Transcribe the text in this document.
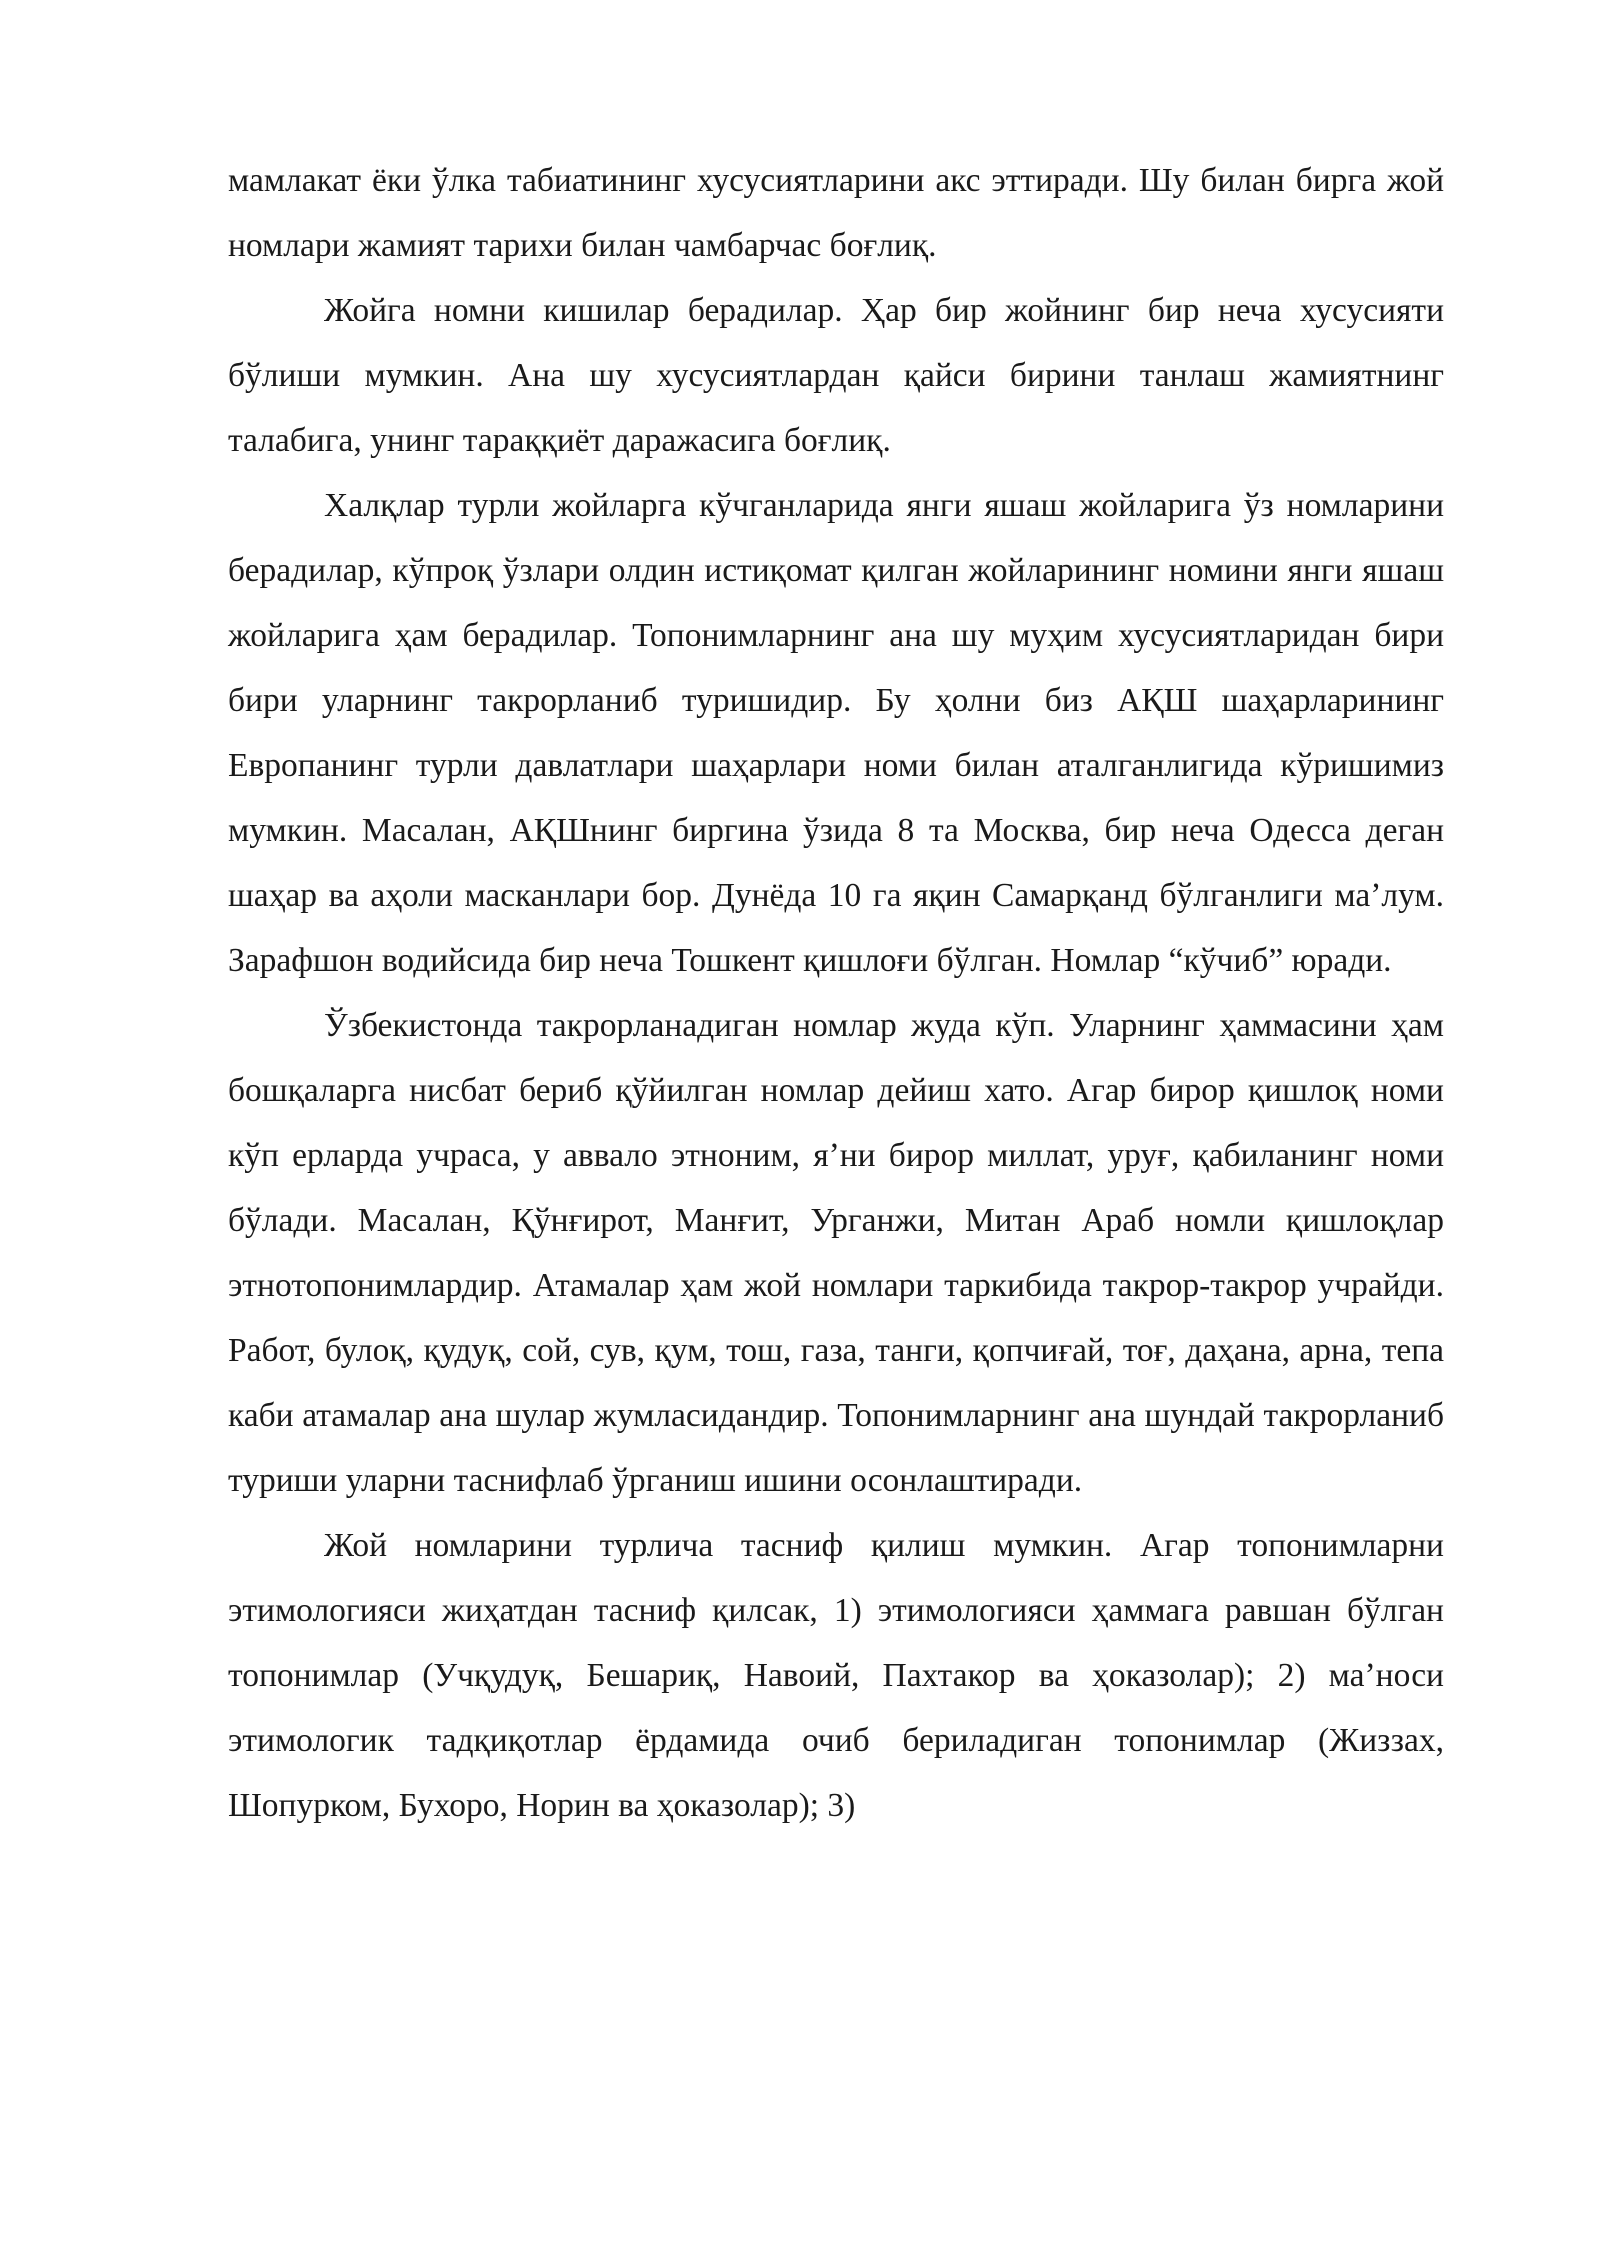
мамлакат ёки ўлка табиатининг хусусиятларини акс эттиради. Шу билан бирга жой номлари жамият тарихи билан чамбарчас боғлиқ.

Жойга номни кишилар берадилар. Ҳар бир жойнинг бир неча хусусияти бўлиши мумкин. Ана шу хусусиятлардан қайси бирини танлаш жамиятнинг талабига, унинг тараққиёт даражасига боғлиқ.

Халқлар турли жойларга кўчганларида янги яшаш жойларига ўз номларини берадилар, кўпроқ ўзлари олдин истиқомат қилган жойларининг номини янги яшаш жойларига ҳам берадилар. Топонимларнинг ана шу муҳим хусусиятларидан бири бири уларнинг такрорланиб туришидир. Бу ҳолни биз АҚШ шаҳарларининг Европанинг турли давлатлари шаҳарлари номи билан аталганлигида кўришимиз мумкин. Масалан, АҚШнинг биргина ўзида 8 та Москва, бир неча Одесса деган шаҳар ва аҳоли масканлари бор. Дунёда 10 га яқин Самарқанд бўлганлиги маʼлум. Зарафшон водийсида бир неча Тошкент қишлоғи бўлган. Номлар “кўчиб” юради.

Ўзбекистонда такрорланадиган номлар жуда кўп. Уларнинг ҳаммасини ҳам бошқаларга нисбат бериб қўйилган номлар дейиш хато. Агар бирор қишлоқ номи кўп ерларда учраса, у аввало этноним, яʼни бирор миллат, уруғ, қабиланинг номи бўлади. Масалан, Қўнғирот, Манғит, Урганжи, Митан Араб номли қишлоқлар этнотопонимлардир. Атамалар ҳам жой номлари таркибида такрор-такрор учрайди. Работ, булоқ, қудуқ, сой, сув, қум, тош, газа, танги, қопчиғай, тоғ, даҳана, арна, тепа каби атамалар ана шулар жумласидандир. Топонимларнинг ана шундай такрорланиб туриши уларни таснифлаб ўрганиш ишини осонлаштиради.

Жой номларини турлича тасниф қилиш мумкин. Агар топонимларни этимологияси жиҳатдан тасниф қилсак, 1) этимологияси ҳаммага равшан бўлган топонимлар (Учқудуқ, Бешариқ, Навоий, Пахтакор ва ҳоказолар); 2) маʼноси этимологик тадқиқотлар ёрдамида очиб бериладиган топонимлар (Жиззах, Шопурком, Бухоро, Норин ва ҳоказолар); 3)
